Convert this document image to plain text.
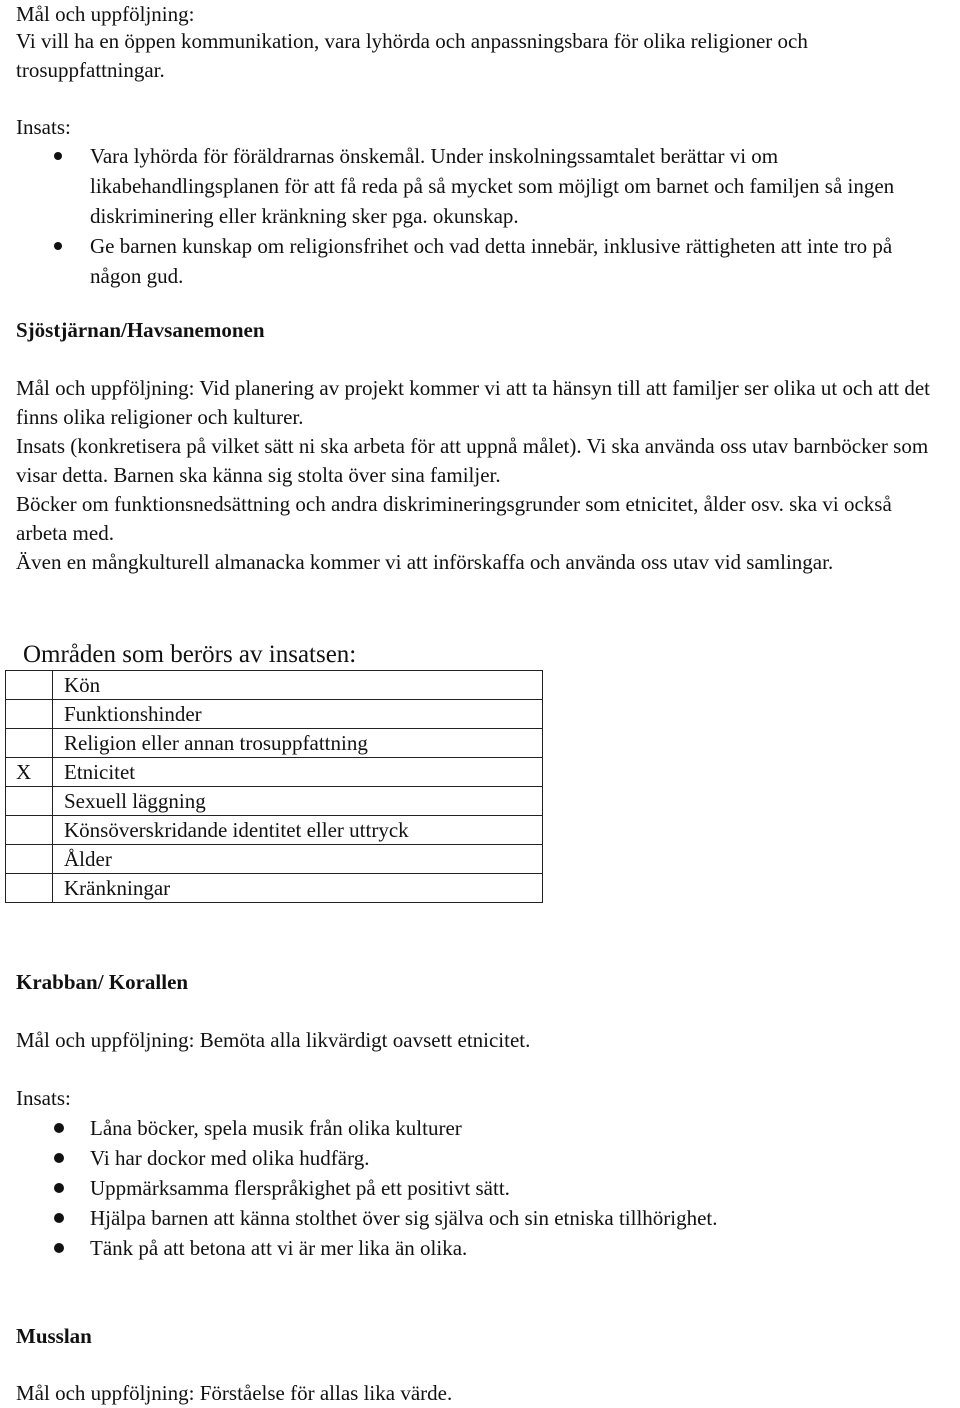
Mål och uppföljning:

Vi vill ha en öppen kommunikation, vara lyhörda och anpassningsbara för olika religioner och trosuppfattningar.

Insats:

Vara lyhörda för föräldrarnas önskemål. Under inskolningssamtalet berättar vi om likabehandlingsplanen för att få reda på så mycket som möjligt om barnet och familjen så ingen diskriminering eller kränkning sker pga. okunskap.
Ge barnen kunskap om religionsfrihet och vad detta innebär, inklusive rättigheten att inte tro på någon gud.

Sjöstjärnan/Havsanemonen

Mål och uppföljning: Vid planering av projekt kommer vi att ta hänsyn till att familjer ser olika ut och att det finns olika religioner och kulturer.

Insats (konkretisera på vilket sätt ni ska arbeta för att uppnå målet). Vi ska använda oss utav barnböcker som visar detta. Barnen ska känna sig stolta över sina familjer.

Böcker om funktionsnedsättning och andra diskrimineringsgrunder som etnicitet, ålder osv. ska vi också arbeta med.

Även en mångkulturell almanacka kommer vi att införskaffa och använda oss utav vid samlingar.

Områden som berörs av insatsen:

	Kön
	Funktionshinder
	Religion eller annan trosuppfattning
X	Etnicitet
	Sexuell läggning
	Könsöverskridande identitet eller uttryck
	Ålder
	Kränkningar

Krabban/ Korallen

Mål och uppföljning: Bemöta alla likvärdigt oavsett etnicitet.

Insats:

Låna böcker, spela musik från olika kulturer
Vi har dockor med olika hudfärg.
Uppmärksamma flerspråkighet på ett positivt sätt.
Hjälpa barnen att känna stolthet över sig själva och sin etniska tillhörighet.
Tänk på att betona att vi är mer lika än olika.

Musslan

Mål och uppföljning: Förståelse för allas lika värde.
